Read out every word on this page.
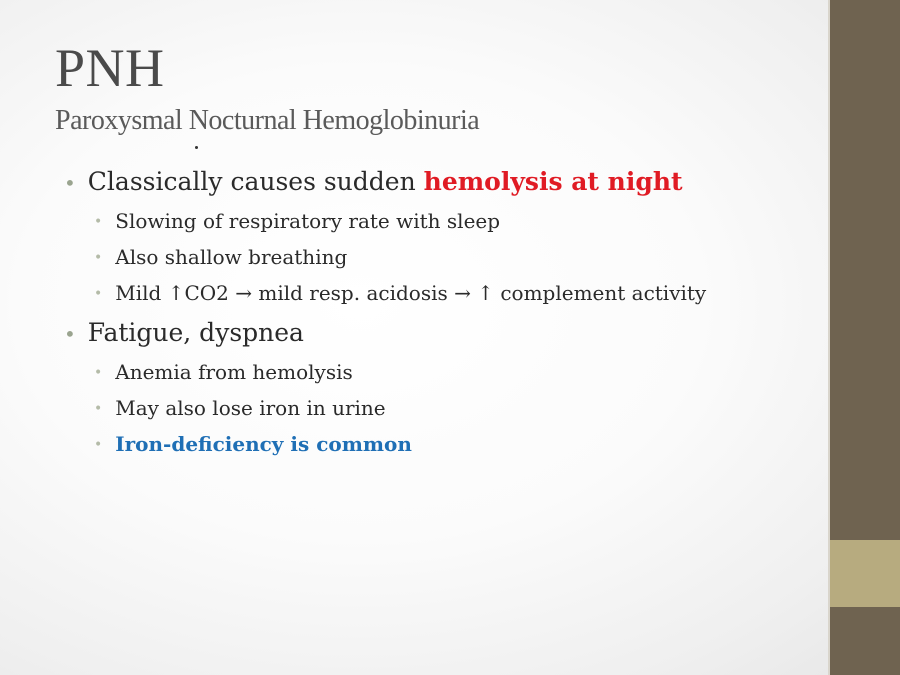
PNH
Paroxysmal Nocturnal Hemoglobinuria
• Classically causes sudden hemolysis at night
• Slowing of respiratory rate with sleep
• Also shallow breathing
• Mild ↑CO2 → mild resp. acidosis → ↑ complement activity
• Fatigue, dyspnea
• Anemia from hemolysis
• May also lose iron in urine
• Iron-deficiency is common
